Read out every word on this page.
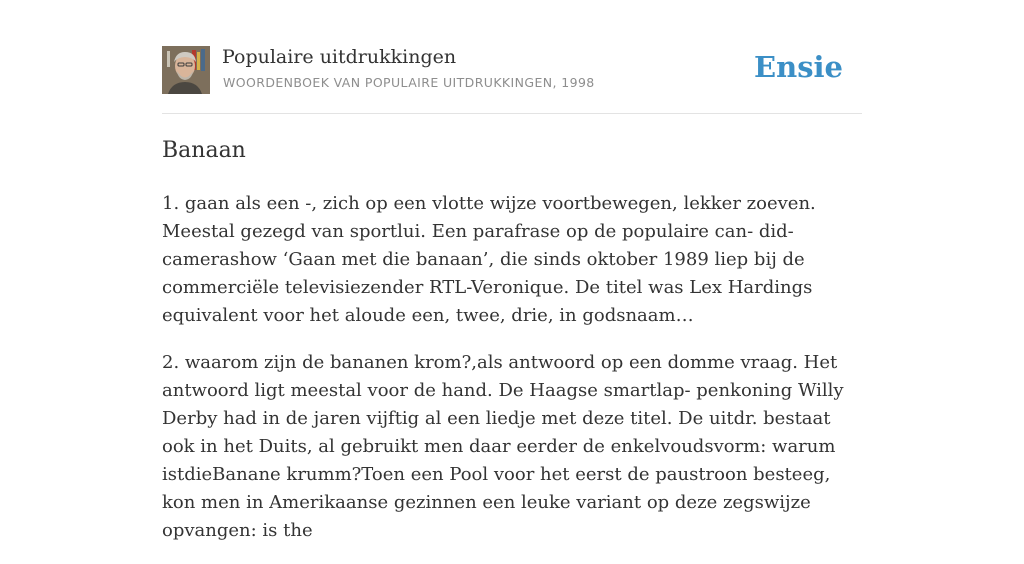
Populaire uitdrukkingen
WOORDENBOEK VAN POPULAIRE UITDRUKKINGEN, 1998	Ensie
Banaan

1. gaan als een -, zich op een vlotte wijze voortbewegen, lekker zoeven. Meestal gezegd van sportlui. Een parafrase op de populaire can- did-camerashow ‘Gaan met die banaan’, die sinds oktober 1989 liep bij de commerciële televisiezender RTL-Veronique. De titel was Lex Hardings equivalent voor het aloude een, twee, drie, in godsnaam…

2. waarom zijn de bananen krom?,als antwoord op een domme vraag. Het antwoord ligt meestal voor de hand. De Haagse smartlap- penkoning Willy Derby had in de jaren vijftig al een liedje met deze titel. De uitdr. bestaat ook in het Duits, al gebruikt men daar eerder de enkelvoudsvorm: warum istdieBanane krumm?Toen een Pool voor het eerst de paustroon besteeg, kon men in Amerikaanse gezinnen een leuke variant op deze zegswijze opvangen: is the
